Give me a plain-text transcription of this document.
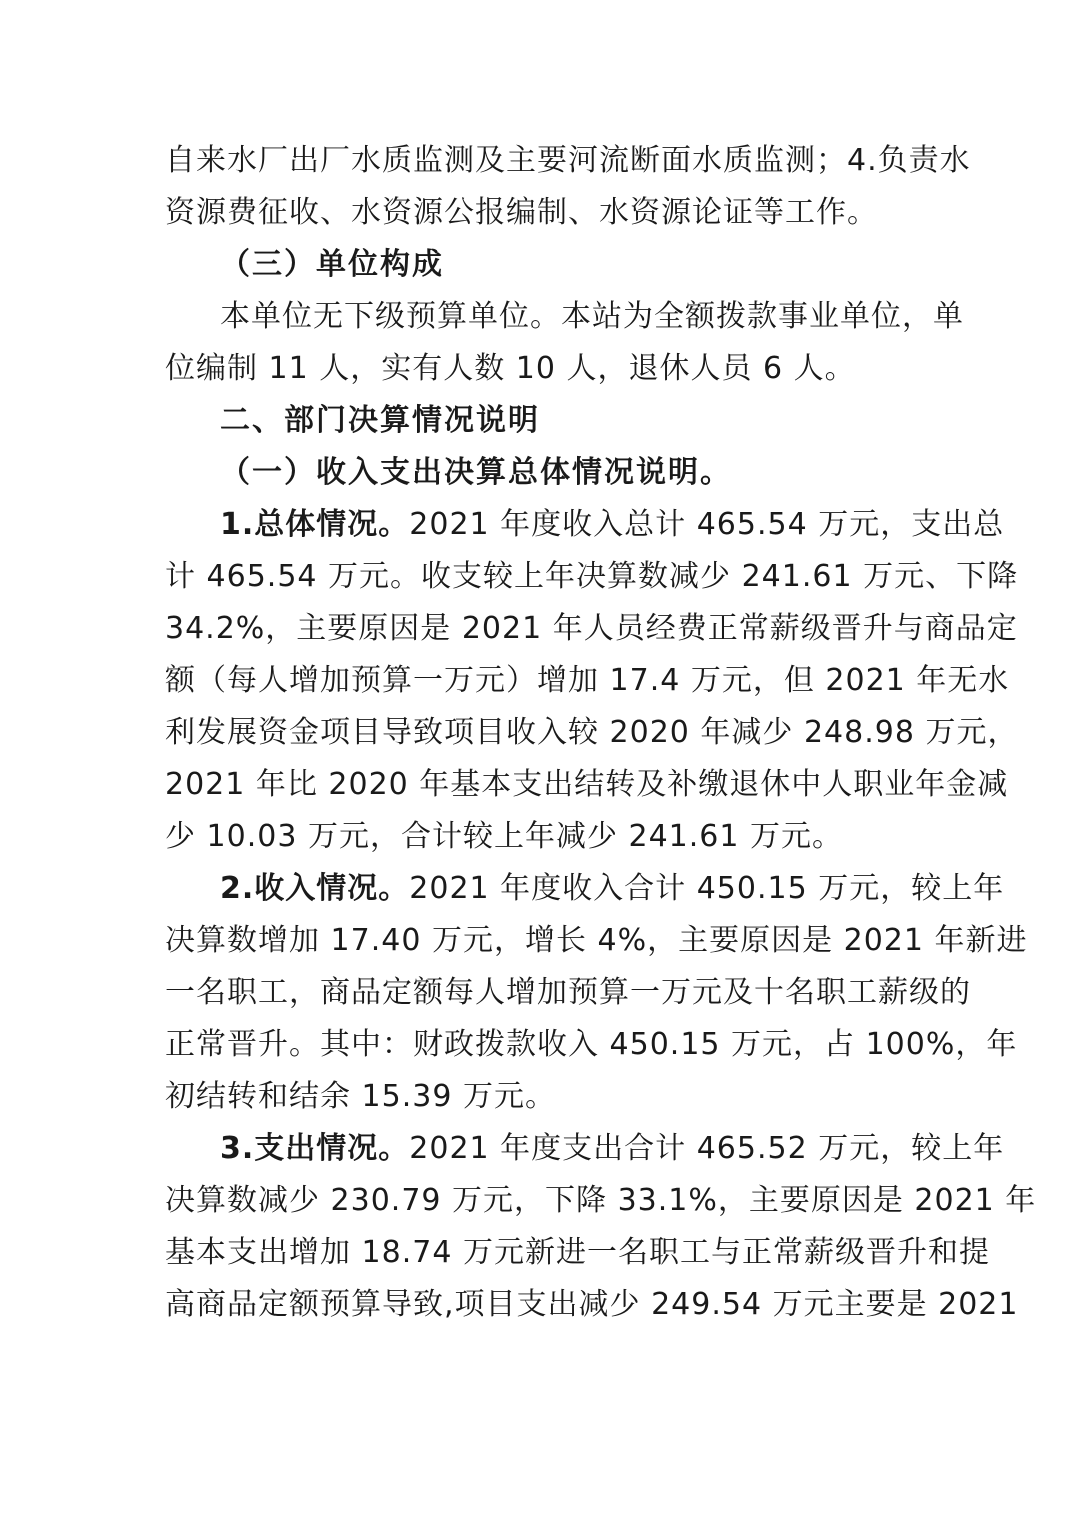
自来水厂出厂水质监测及主要河流断面水质监测；4.负责水
资源费征收、水资源公报编制、水资源论证等工作。
（三）单位构成
本单位无下级预算单位。本站为全额拨款事业单位，单
位编制 11 人，实有人数 10 人，退休人员 6 人。
二、部门决算情况说明
（一）收入支出决算总体情况说明。
1.总体情况。2021 年度收入总计 465.54 万元，支出总
计 465.54 万元。收支较上年决算数减少 241.61 万元、下降
34.2%，主要原因是 2021 年人员经费正常薪级晋升与商品定
额（每人增加预算一万元）增加 17.4 万元，但 2021 年无水
利发展资金项目导致项目收入较 2020 年减少 248.98 万元，
2021 年比 2020 年基本支出结转及补缴退休中人职业年金减
少 10.03 万元，合计较上年减少 241.61 万元。
2.收入情况。2021 年度收入合计 450.15 万元，较上年
决算数增加 17.40 万元，增长 4%，主要原因是 2021 年新进
一名职工，商品定额每人增加预算一万元及十名职工薪级的
正常晋升。其中：财政拨款收入 450.15 万元，占 100%，年
初结转和结余 15.39 万元。
3.支出情况。2021 年度支出合计 465.52 万元，较上年
决算数减少 230.79 万元，下降 33.1%，主要原因是 2021 年
基本支出增加 18.74 万元新进一名职工与正常薪级晋升和提
高商品定额预算导致,项目支出减少 249.54 万元主要是 2021
